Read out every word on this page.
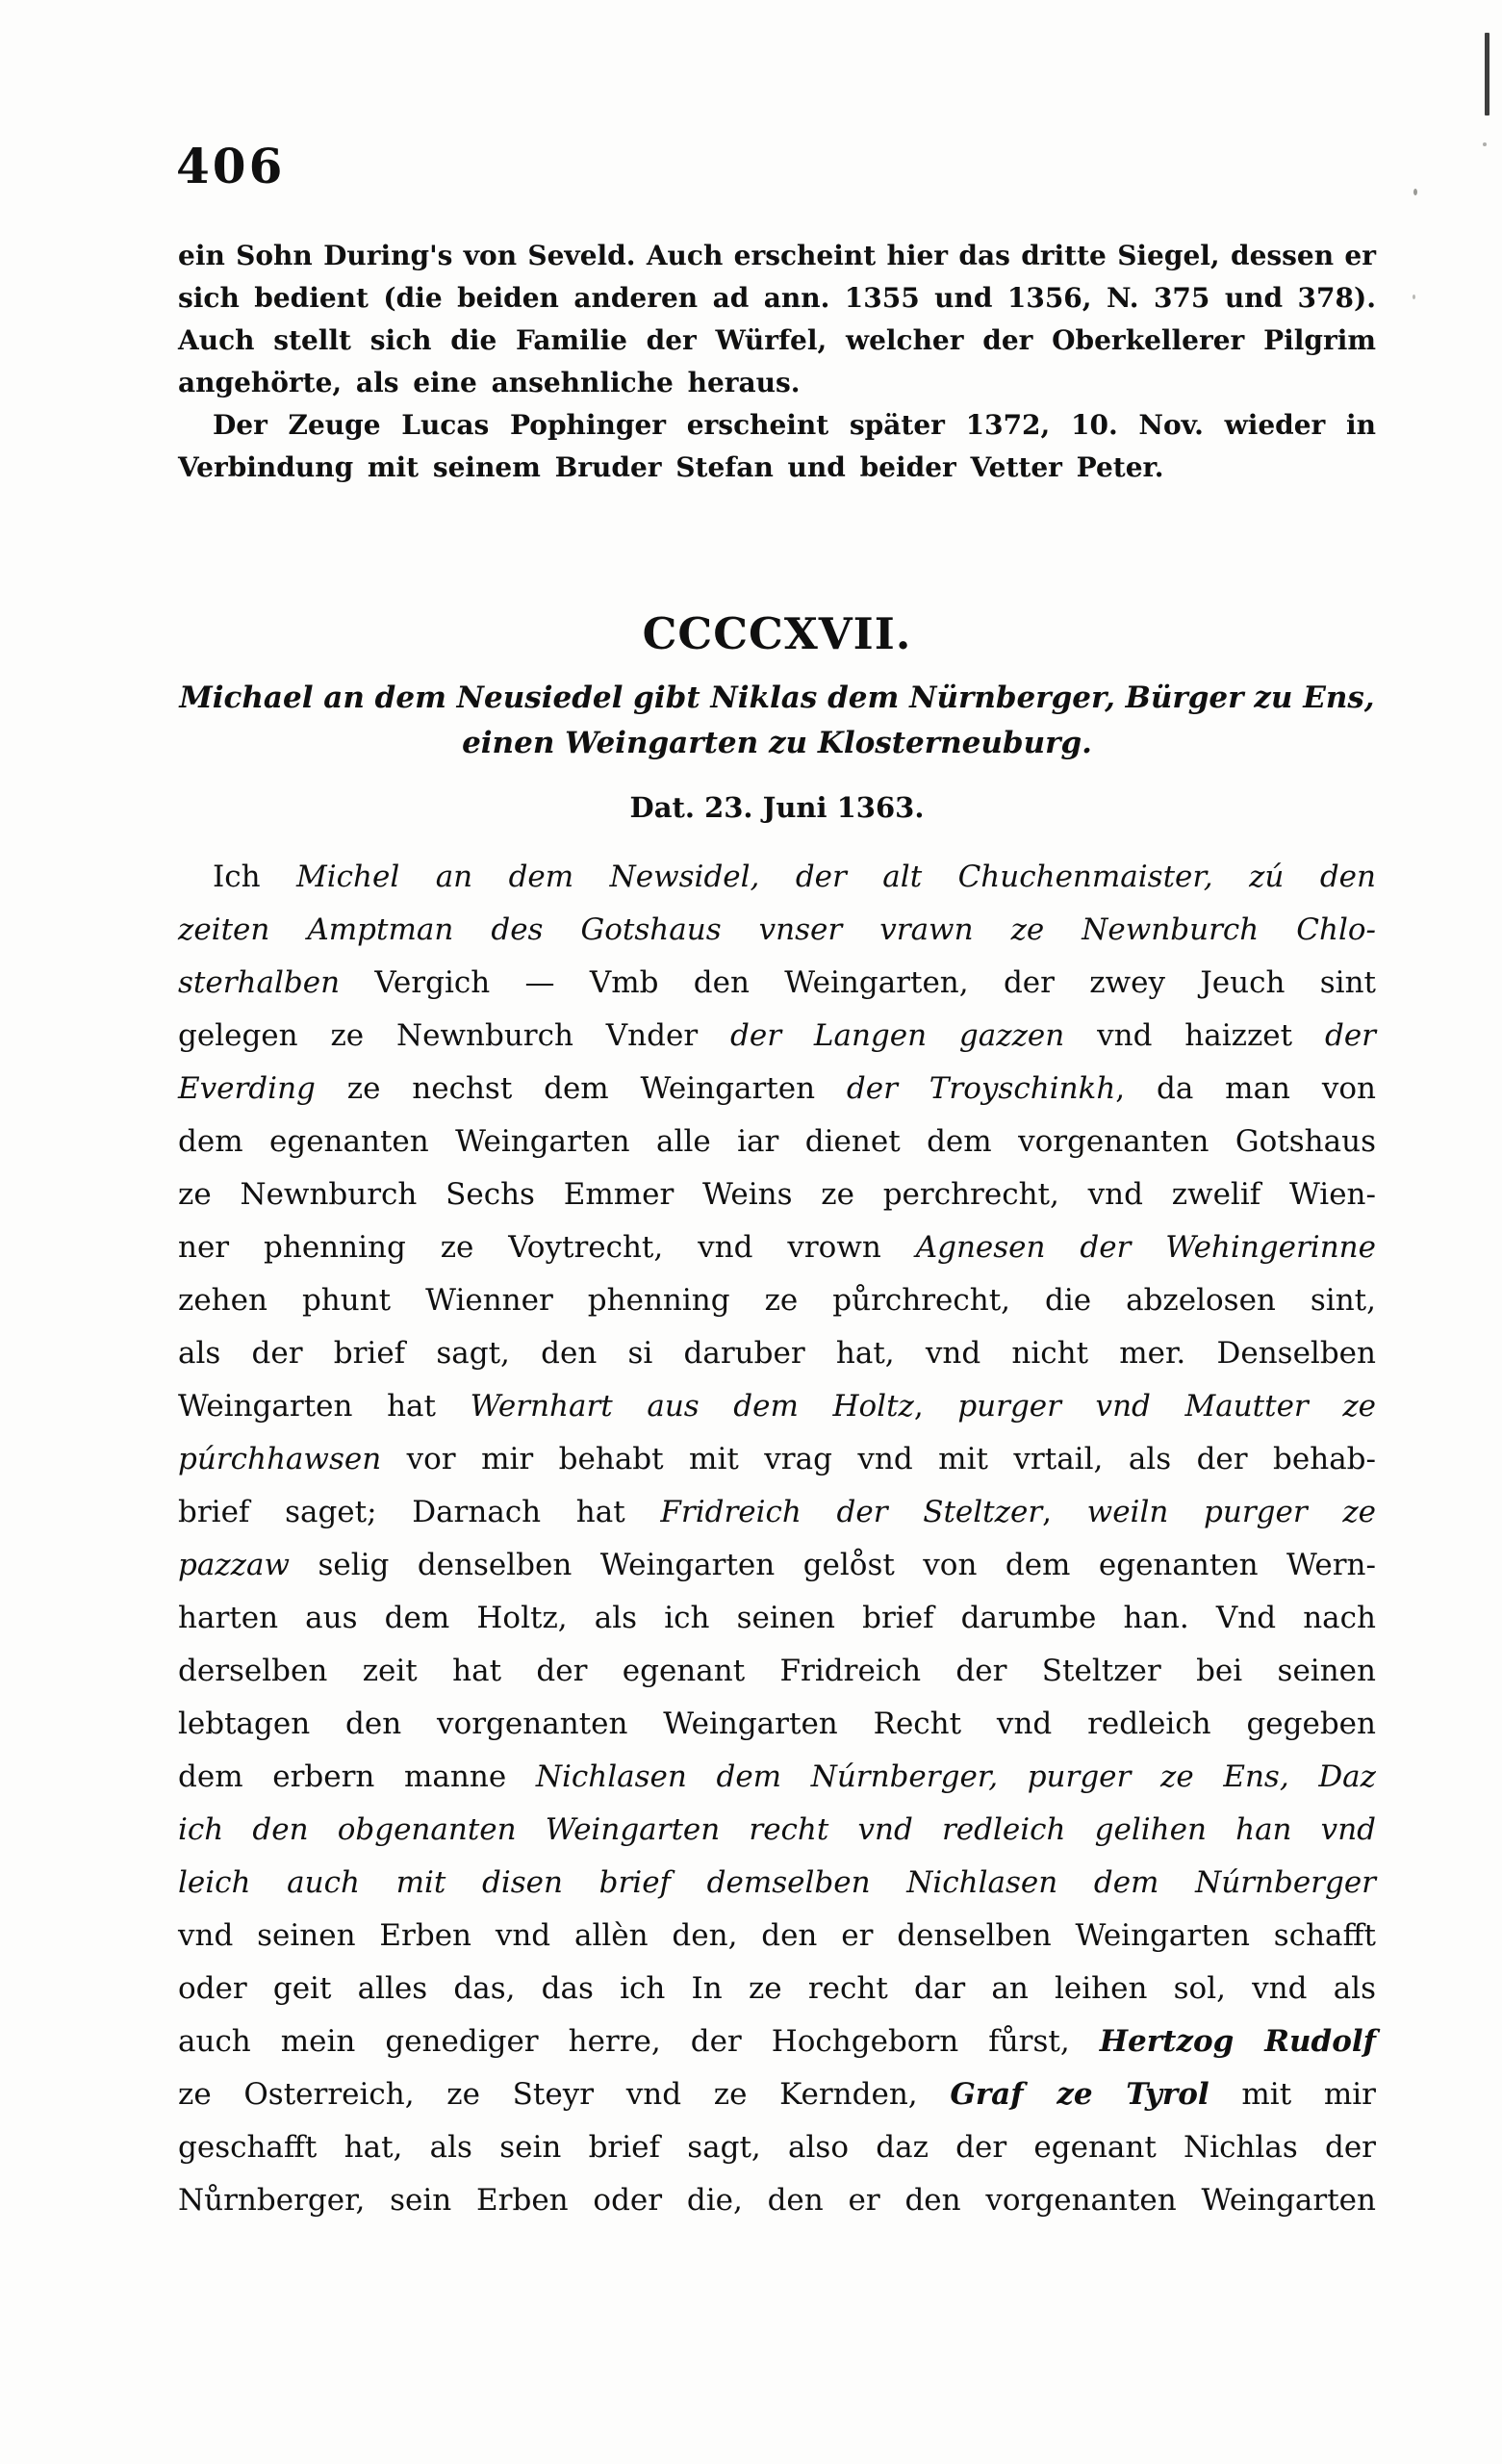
406
ein Sohn During's von Seveld. Auch erscheint hier das dritte Siegel, dessen er
sich bedient (die beiden anderen ad ann. 1355 und 1356, N. 375 und 378).
Auch stellt sich die Familie der Würfel, welcher der Oberkellerer Pilgrim
angehörte, als eine ansehnliche heraus.
Der Zeuge Lucas Pophinger erscheint später 1372, 10. Nov. wieder in
Verbindung mit seinem Bruder Stefan und beider Vetter Peter.
CCCCXVII.
Michael an dem Neusiedel gibt Niklas dem Nürnberger, Bürger zu Ens,
einen Weingarten zu Klosterneuburg.
Dat. 23. Juni 1363.
Ich Michel an dem Newsidel, der alt Chuchenmaister, zú den
zeiten Amptman des Gotshaus vnser vrawn ze Newnburch Chlo-
sterhalben Vergich — Vmb den Weingarten, der zwey Jeuch sint
gelegen ze Newnburch Vnder der Langen gazzen vnd haizzet der
Everding ze nechst dem Weingarten der Troyschinkh, da man von
dem egenanten Weingarten alle iar dienet dem vorgenanten Gotshaus
ze Newnburch Sechs Emmer Weins ze perchrecht, vnd zwelif Wien-
ner phenning ze Voytrecht, vnd vrown Agnesen der Wehingerinne
zehen phunt Wienner phenning ze půrchrecht, die abzelosen sint,
als der brief sagt, den si daruber hat, vnd nicht mer. Denselben
Weingarten hat Wernhart aus dem Holtz, purger vnd Mautter ze
púrchhawsen vor mir behabt mit vrag vnd mit vrtail, als der behab-
brief saget; Darnach hat Fridreich der Steltzer, weiln purger ze
pazzaw selig denselben Weingarten gelo̊st von dem egenanten Wern-
harten aus dem Holtz, als ich seinen brief darumbe han. Vnd nach
derselben zeit hat der egenant Fridreich der Steltzer bei seinen
lebtagen den vorgenanten Weingarten Recht vnd redleich gegeben
dem erbern manne Nichlasen dem Núrnberger, purger ze Ens, Daz
ich den obgenanten Weingarten recht vnd redleich gelihen han vnd
leich auch mit disen brief demselben Nichlasen dem Núrnberger
vnd seinen Erben vnd allèn den, den er denselben Weingarten schafft
oder geit alles das, das ich In ze recht dar an leihen sol, vnd als
auch mein genediger herre, der Hochgeborn fůrst, Hertzog Rudolf
ze Osterreich, ze Steyr vnd ze Kernden, Graf ze Tyrol mit mir
geschafft hat, als sein brief sagt, also daz der egenant Nichlas der
Nůrnberger, sein Erben oder die, den er den vorgenanten Weingarten
